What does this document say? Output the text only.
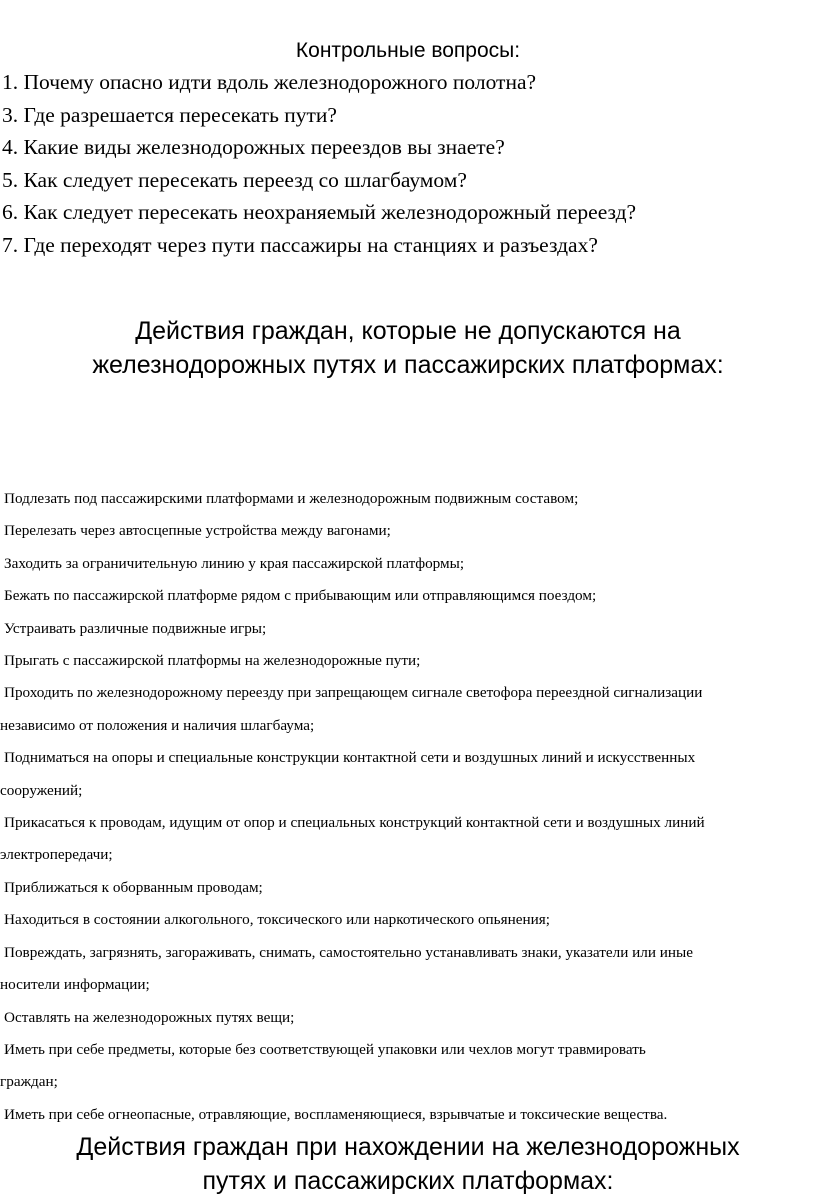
Контрольные вопросы:
1. Почему опасно идти вдоль железнодорожного полотна?
3. Где разрешается пересекать пути?
4. Какие виды железнодорожных переездов вы знаете?
5. Как следует пересекать переезд со шлагбаумом?
6. Как следует пересекать неохраняемый железнодорожный переезд?
7. Где переходят через пути пассажиры на станциях и разъездах?
Действия граждан, которые не допускаются на
железнодорожных путях и пассажирских платформах:
Подлезать под пассажирскими платформами и железнодорожным подвижным составом;
Перелезать через автосцепные устройства между вагонами;
Заходить за ограничительную линию у края пассажирской платформы;
Бежать по пассажирской платформе рядом с прибывающим или отправляющимся поездом;
Устраивать различные подвижные игры;
Прыгать с пассажирской платформы на железнодорожные пути;
Проходить по железнодорожному переезду при запрещающем сигнале светофора переездной сигнализации
независимо от положения и наличия шлагбаума;
Подниматься на опоры и специальные конструкции контактной сети и воздушных линий и искусственных
сооружений;
Прикасаться к проводам, идущим от опор и специальных конструкций контактной сети и воздушных линий
электропередачи;
Приближаться к оборванным проводам;
Находиться в состоянии алкогольного, токсического или наркотического опьянения;
Повреждать, загрязнять, загораживать, снимать, самостоятельно устанавливать знаки, указатели или иные
носители информации;
Оставлять на железнодорожных путях вещи;
Иметь при себе предметы, которые без соответствующей упаковки или чехлов могут травмировать
граждан;
Иметь при себе огнеопасные, отравляющие, воспламеняющиеся, взрывчатые и токсические вещества.
Действия граждан при нахождении на железнодорожных
путях и пассажирских платформах:
